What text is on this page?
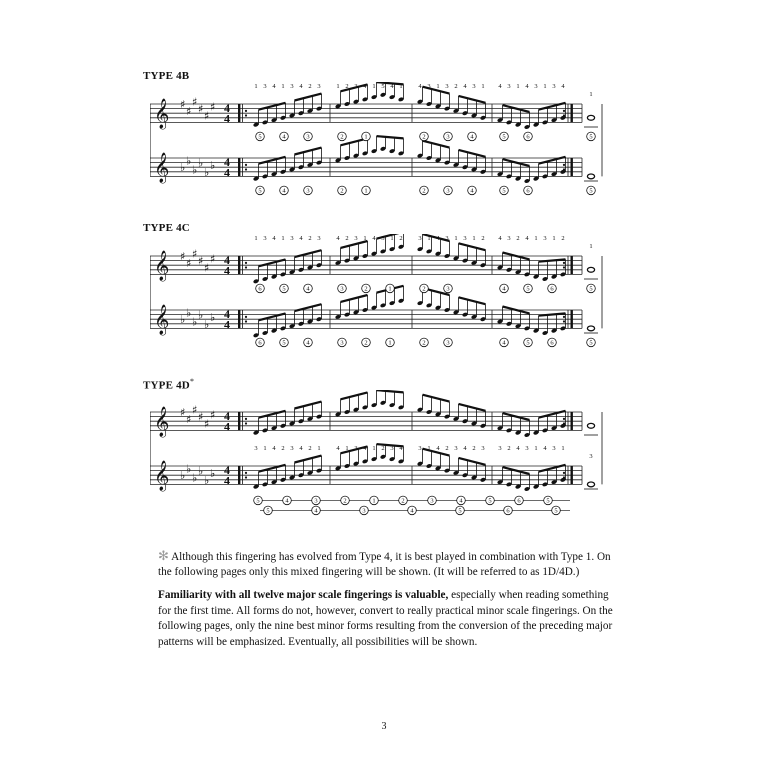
TYPE 4B
𝄞
𝄞
♯
♯
♯
♯
♯
♯
♭
♭
♭
♭
♭
♭
4
4
4
4
1 3 4 1 3 4 2 3
5	4	3
5	4	3
1 2 3 4 1 5 4 1
2	1
2	1
4 3 1 3 2 4 3 1
2	3	4
2	3	4
4 3 1 4 3 1 3 4
5	6
5	6
1
5
5
TYPE 4C
𝄞
𝄞
♯
♯
♯
♯
♯
♯
♭
♭
♭
♭
♭
♭
4
4
4
4
1 3 4 1 3 4 2 3
6	5	4
6	5	4
4 2 3 1 4 3 1 2
3	2	1
3	2	1
3 1 4 3 1 3 1 2
2	3
2	3
4 3 2 4 1 3 1 2
4	5	6
4	5	6
1
5
5
TYPE 4D*
𝄞
𝄞
♯
♯
♯
♯
♯
♯
♭
♭
♭
♭
♭
♭
4
4
4
4
3 1 4 2 3 4 2 1 4 1 3 4 1 2 3 4 3 1 4 2 3 4 2 3 3 2 4 3 1 4 3 1
3
5	4	3	2	1	2	3	4	5	6	5
5	4	3	4	5	6	5
✻ Although this fingering has evolved from Type 4, it is best played in combination with Type 1. On the following pages only this mixed fingering will be shown. (It will be referred to as 1D/4D.)
Familiarity with all twelve major scale fingerings is valuable, especially when reading something for the first time. All forms do not, however, convert to really practical minor scale fingerings. On the following pages, only the nine best minor forms resulting from the conversion of the preceding major patterns will be emphasized. Eventually, all possibilities will be shown.
3
